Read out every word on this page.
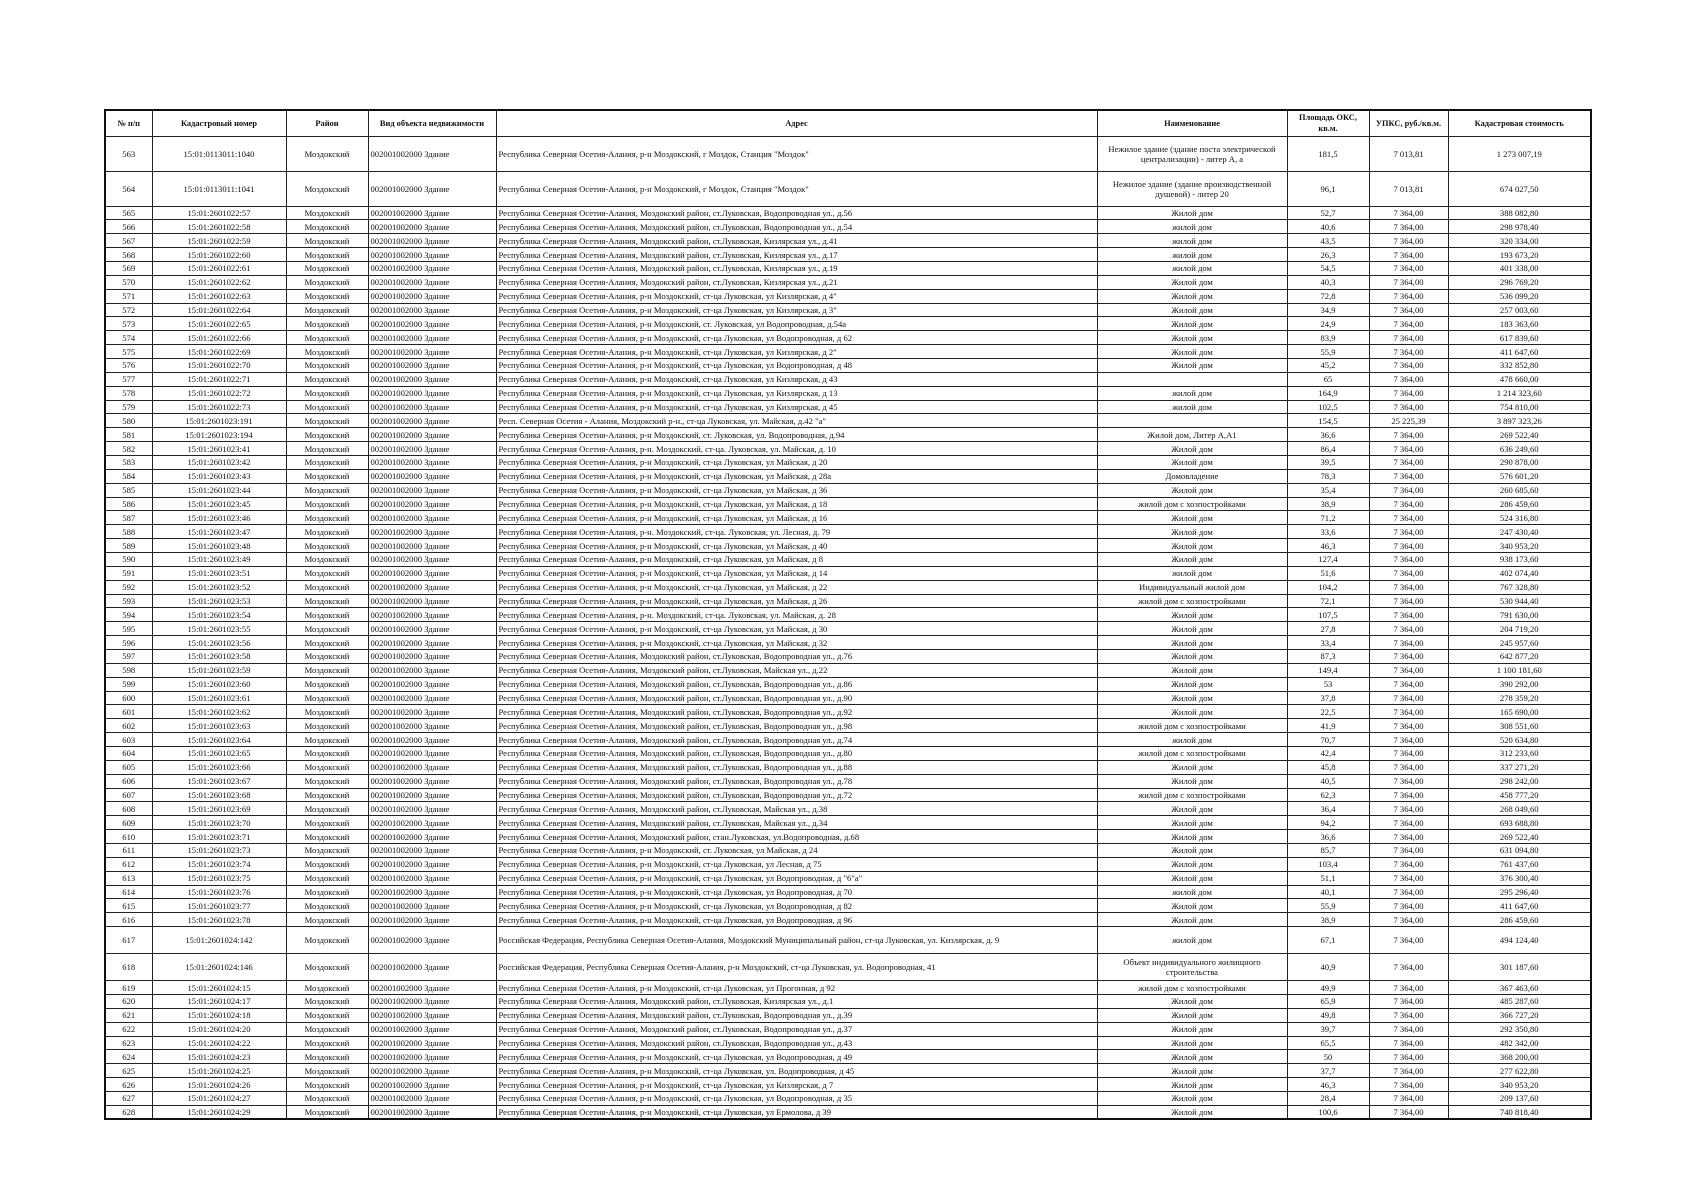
№ п/п	Кадастровый номер	Район	Вид объекта недвижимости	Адрес	Наименование	Площадь ОКС, кв.м.	УПКС, руб./кв.м.	Кадастровая стоимость
563	15:01:0113011:1040	Моздокский	002001002000 Здание	Республика Северная Осетия-Алания, р-н Моздокский, г Моздок, Станция "Моздок"	Нежилое здание (здание поста электрической централизации) - литер А, а	181,5	7 013,81	1 273 007,19
564	15:01:0113011:1041	Моздокский	002001002000 Здание	Республика Северная Осетия-Алания, р-н Моздокский, г Моздок, Станция "Моздок"	Нежилое здание (здание производственной душевой) - литер 20	96,1	7 013,81	674 027,50
565	15:01:2601022:57	Моздокский	002001002000 Здание	Республика Северная Осетия-Алания, Моздокский район, ст.Луковская, Водопроводная ул., д.56	Жилой дом	52,7	7 364,00	388 082,80
566	15:01:2601022:58	Моздокский	002001002000 Здание	Республика Северная Осетия-Алания, Моздокский район, ст.Луковская, Водопроводная ул., д.54	жилой дом	40,6	7 364,00	298 978,40
567	15:01:2601022:59	Моздокский	002001002000 Здание	Республика Северная Осетия-Алания, Моздокский район, ст.Луковская, Кизлярская ул., д.41	жилой дом	43,5	7 364,00	320 334,00
568	15:01:2601022:60	Моздокский	002001002000 Здание	Республика Северная Осетия-Алания, Моздокский район, ст.Луковская, Кизлярская ул., д.17	жилой дом	26,3	7 364,00	193 673,20
569	15:01:2601022:61	Моздокский	002001002000 Здание	Республика Северная Осетия-Алания, Моздокский район, ст.Луковская, Кизлярская ул., д.19	жилой дом	54,5	7 364,00	401 338,00
570	15:01:2601022:62	Моздокский	002001002000 Здание	Республика Северная Осетия-Алания, Моздокский район, ст.Луковская, Кизлярская ул., д.21	Жилой дом	40,3	7 364,00	296 769,20
571	15:01:2601022:63	Моздокский	002001002000 Здание	Республика Северная Осетия-Алания, р-н Моздокский, ст-ца Луковская, ул Кизлярская, д 4"	Жилой дом	72,8	7 364,00	536 099,20
572	15:01:2601022:64	Моздокский	002001002000 Здание	Республика Северная Осетия-Алания, р-н Моздокский, ст-ца Луковская, ул Кизлярская, д 3"	Жилой дом	34,9	7 364,00	257 003,60
573	15:01:2601022:65	Моздокский	002001002000 Здание	Республика Северная Осетия-Алания, р-н Моздокский, ст. Луковская, ул Водопроводная, д.54а	Жилой дом	24,9	7 364,00	183 363,60
574	15:01:2601022:66	Моздокский	002001002000 Здание	Республика Северная Осетия-Алания, р-н Моздокский, ст-ца Луковская, ул Водопроводная, д 62	Жилой дом	83,9	7 364,00	617 839,60
575	15:01:2601022:69	Моздокский	002001002000 Здание	Республика Северная Осетия-Алания, р-н Моздокский, ст-ца Луковская, ул Кизлярская, д 2"	Жилой дом	55,9	7 364,00	411 647,60
576	15:01:2601022:70	Моздокский	002001002000 Здание	Республика Северная Осетия-Алания, р-н Моздокский, ст-ца Луковская, ул Водопроводная, д 48	Жилой дом	45,2	7 364,00	332 852,80
577	15:01:2601022:71	Моздокский	002001002000 Здание	Республика Северная Осетия-Алания, р-н Моздокский, ст-ца Луковская, ул Кизлярская, д 43		65	7 364,00	478 660,00
578	15:01:2601022:72	Моздокский	002001002000 Здание	Республика Северная Осетия-Алания, р-н Моздокский, ст-ца Луковская, ул Кизлярская, д 13	жилой дом	164,9	7 364,00	1 214 323,60
579	15:01:2601022:73	Моздокский	002001002000 Здание	Республика Северная Осетия-Алания, р-н Моздокский, ст-ца Луковская, ул Кизлярская, д 45	жилой дом	102,5	7 364,00	754 810,00
580	15:01:2601023:191	Моздокский	002001002000 Здание	Респ. Северная Осетия - Алания, Моздокский р-н., ст-ца Луковская, ул. Майская, д.42 "а"		154,5	25 225,39	3 897 323,26
581	15:01:2601023:194	Моздокский	002001002000 Здание	Республика Северная Осетия-Алания, р-н Моздокский, ст. Луковская, ул. Водопроводная, д.94	Жилой дом, Литер А,А1	36,6	7 364,00	269 522,40
582	15:01:2601023:41	Моздокский	002001002000 Здание	Республика Северная Осетия-Алания, р-н. Моздокский, ст-ца. Луковская, ул. Майская, д. 10	Жилой дом	86,4	7 364,00	636 249,60
583	15:01:2601023:42	Моздокский	002001002000 Здание	Республика Северная Осетия-Алания, р-н Моздокский, ст-ца Луковская, ул Майская, д 20	Жилой дом	39,5	7 364,00	290 878,00
584	15:01:2601023:43	Моздокский	002001002000 Здание	Республика Северная Осетия-Алания, р-н Моздокский, ст-ца Луковская, ул Майская, д 28а	Домовладение	78,3	7 364,00	576 601,20
585	15:01:2601023:44	Моздокский	002001002000 Здание	Республика Северная Осетия-Алания, р-н Моздокский, ст-ца Луковская, ул Майская, д 36	Жилой дом	35,4	7 364,00	260 685,60
586	15:01:2601023:45	Моздокский	002001002000 Здание	Республика Северная Осетия-Алания, р-н Моздокский, ст-ца Луковская, ул Майская, д 18	жилой дом с хозпостройками	38,9	7 364,00	286 459,60
587	15:01:2601023:46	Моздокский	002001002000 Здание	Республика Северная Осетия-Алания, р-н Моздокский, ст-ца Луковская, ул Майская, д 16	Жилой дом	71,2	7 364,00	524 316,80
588	15:01:2601023:47	Моздокский	002001002000 Здание	Республика Северная Осетия-Алания, р-н. Моздокский, ст-ца. Луковская, ул. Лесная, д. 79	Жилой дом	33,6	7 364,00	247 430,40
589	15:01:2601023:48	Моздокский	002001002000 Здание	Республика Северная Осетия-Алания, р-н Моздокский, ст-ца Луковская, ул Майская, д 40	Жилой дом	46,3	7 364,00	340 953,20
590	15:01:2601023:49	Моздокский	002001002000 Здание	Республика Северная Осетия-Алания, р-н Моздокский, ст-ца Луковская, ул Майская, д 8	Жилой дом	127,4	7 364,00	938 173,60
591	15:01:2601023:51	Моздокский	002001002000 Здание	Республика Северная Осетия-Алания, р-н Моздокский, ст-ца Луковская, ул Майская, д 14	жилой дом	51,6	7 364,00	402 074,40
592	15:01:2601023:52	Моздокский	002001002000 Здание	Республика Северная Осетия-Алания, р-н Моздокский, ст-ца Луковская, ул Майская, д 22	Индивидуальный жилой дом	104,2	7 364,00	767 328,80
593	15:01:2601023:53	Моздокский	002001002000 Здание	Республика Северная Осетия-Алания, р-н Моздокский, ст-ца Луковская, ул Майская, д 26	жилой дом с хозпостройками	72,1	7 364,00	530 944,40
594	15:01:2601023:54	Моздокский	002001002000 Здание	Республика Северная Осетия-Алания, р-н. Моздокский, ст-ца. Луковская, ул. Майская, д. 28	Жилой дом	107,5	7 364,00	791 630,00
595	15:01:2601023:55	Моздокский	002001002000 Здание	Республика Северная Осетия-Алания, р-н Моздокский, ст-ца Луковская, ул Майская, д 30	Жилой дом	27,8	7 364,00	204 719,20
596	15:01:2601023:56	Моздокский	002001002000 Здание	Республика Северная Осетия-Алания, р-н Моздокский, ст-ца Луковская, ул Майская, д 32	Жилой дом	33,4	7 364,00	245 957,60
597	15:01:2601023:58	Моздокский	002001002000 Здание	Республика Северная Осетия-Алания, Моздокский район, ст.Луковская, Водопроводная ул., д.76	Жилой дом	87,3	7 364,00	642 877,20
598	15:01:2601023:59	Моздокский	002001002000 Здание	Республика Северная Осетия-Алания, Моздокский район, ст.Луковская, Майская ул., д.22	Жилой дом	149,4	7 364,00	1 100 181,60
599	15:01:2601023:60	Моздокский	002001002000 Здание	Республика Северная Осетия-Алания, Моздокский район, ст.Луковская, Водопроводная ул., д.86	Жилой дом	53	7 364,00	390 292,00
600	15:01:2601023:61	Моздокский	002001002000 Здание	Республика Северная Осетия-Алания, Моздокский район, ст.Луковская, Водопроводная ул., д.90	Жилой дом	37,8	7 364,00	278 359,20
601	15:01:2601023:62	Моздокский	002001002000 Здание	Республика Северная Осетия-Алания, Моздокский район, ст.Луковская, Водопроводная ул., д.92	Жилой дом	22,5	7 364,00	165 690,00
602	15:01:2601023:63	Моздокский	002001002000 Здание	Республика Северная Осетия-Алания, Моздокский район, ст.Луковская, Водопроводная ул., д.98	жилой дом с хозпостройками	41,9	7 364,00	308 551,60
603	15:01:2601023:64	Моздокский	002001002000 Здание	Республика Северная Осетия-Алания, Моздокский район, ст.Луковская, Водопроводная ул., д.74	жилой дом	70,7	7 364,00	520 634,80
604	15:01:2601023:65	Моздокский	002001002000 Здание	Республика Северная Осетия-Алания, Моздокский район, ст.Луковская, Водопроводная ул., д.80	жилой дом с хозпостройками	42,4	7 364,00	312 233,60
605	15:01:2601023:66	Моздокский	002001002000 Здание	Республика Северная Осетия-Алания, Моздокский район, ст.Луковская, Водопроводная ул., д.88	Жилой дом	45,8	7 364,00	337 271,20
606	15:01:2601023:67	Моздокский	002001002000 Здание	Республика Северная Осетия-Алания, Моздокский район, ст.Луковская, Водопроводная ул., д.78	Жилой дом	40,5	7 364,00	298 242,00
607	15:01:2601023:68	Моздокский	002001002000 Здание	Республика Северная Осетия-Алания, Моздокский район, ст.Луковская, Водопроводная ул., д.72	жилой дом с хозпостройками	62,3	7 364,00	458 777,20
608	15:01:2601023:69	Моздокский	002001002000 Здание	Республика Северная Осетия-Алания, Моздокский район, ст.Луковская, Майская ул., д.38	Жилой дом	36,4	7 364,00	268 049,60
609	15:01:2601023:70	Моздокский	002001002000 Здание	Республика Северная Осетия-Алания, Моздокский район, ст.Луковская, Майская ул., д.34	Жилой дом	94,2	7 364,00	693 688,80
610	15:01:2601023:71	Моздокский	002001002000 Здание	Республика Северная Осетия-Алания, Моздокский район, стан.Луковская, ул.Водопроводная, д.68	Жилой дом	36,6	7 364,00	269 522,40
611	15:01:2601023:73	Моздокский	002001002000 Здание	Республика Северная Осетия-Алания, р-н Моздокский, ст. Луковская, ул Майская, д 24	Жилой дом	85,7	7 364,00	631 094,80
612	15:01:2601023:74	Моздокский	002001002000 Здание	Республика Северная Осетия-Алания, р-н Моздокский, ст-ца Луковская, ул Лесная, д 75	Жилой дом	103,4	7 364,00	761 437,60
613	15:01:2601023:75	Моздокский	002001002000 Здание	Республика Северная Осетия-Алания, р-н Моздокский, ст-ца Луковская, ул Водопроводная, д "6"а"	Жилой дом	51,1	7 364,00	376 300,40
614	15:01:2601023:76	Моздокский	002001002000 Здание	Республика Северная Осетия-Алания, р-н Моздокский, ст-ца Луковская, ул Водопроводная, д 70	жилой дом	40,1	7 364,00	295 296,40
615	15:01:2601023:77	Моздокский	002001002000 Здание	Республика Северная Осетия-Алания, р-н Моздокский, ст-ца Луковская, ул Водопроводная, д 82	Жилой дом	55,9	7 364,00	411 647,60
616	15:01:2601023:78	Моздокский	002001002000 Здание	Республика Северная Осетия-Алания, р-н Моздокский, ст-ца Луковская, ул Водопроводная, д 96	Жилой дом	38,9	7 364,00	286 459,60
617	15:01:2601024:142	Моздокский	002001002000 Здание	Российская Федерация, Республика Северная Осетия-Алания, Моздокский Муниципальный район, ст-ца Луковская, ул. Кизлярская, д. 9	жилой дом	67,1	7 364,00	494 124,40
618	15:01:2601024:146	Моздокский	002001002000 Здание	Российская Федерация, Республика Северная Осетия-Алания, р-н Моздокский, ст-ца Луковская, ул. Водопроводная, 41	Объект индивидуального жилищного строительства	40,9	7 364,00	301 187,60
619	15:01:2601024:15	Моздокский	002001002000 Здание	Республика Северная Осетия-Алания, р-н Моздокский, ст-ца Луковская, ул Прогонная, д 92	жилой дом с хозпостройками	49,9	7 364,00	367 463,60
620	15:01:2601024:17	Моздокский	002001002000 Здание	Республика Северная Осетия-Алания, Моздокский район, ст.Луковская, Кизлярская ул., д.1	Жилой дом	65,9	7 364,00	485 287,60
621	15:01:2601024:18	Моздокский	002001002000 Здание	Республика Северная Осетия-Алания, Моздокский район, ст.Луковская, Водопроводная ул., д.39	Жилой дом	49,8	7 364,00	366 727,20
622	15:01:2601024:20	Моздокский	002001002000 Здание	Республика Северная Осетия-Алания, Моздокский район, ст.Луковская, Водопроводная ул., д.37	Жилой дом	39,7	7 364,00	292 350,80
623	15:01:2601024:22	Моздокский	002001002000 Здание	Республика Северная Осетия-Алания, Моздокский район, ст.Луковская, Водопроводная ул., д.43	Жилой дом	65,5	7 364,00	482 342,00
624	15:01:2601024:23	Моздокский	002001002000 Здание	Республика Северная Осетия-Алания, р-н Моздокский, ст-ца Луковская, ул Водопроводная, д 49	Жилой дом	50	7 364,00	368 200,00
625	15:01:2601024:25	Моздокский	002001002000 Здание	Республика Северная Осетия-Алания, р-н Моздокский, ст-ца Луковская, ул. Водопроводная, д 45	Жилой дом	37,7	7 364,00	277 622,80
626	15:01:2601024:26	Моздокский	002001002000 Здание	Республика Северная Осетия-Алания, р-н Моздокский, ст-ца Луковская, ул Кизлярская, д 7	Жилой дом	46,3	7 364,00	340 953,20
627	15:01:2601024:27	Моздокский	002001002000 Здание	Республика Северная Осетия-Алания, р-н Моздокский, ст-ца Луковская, ул Водопроводная, д 35	Жилой дом	28,4	7 364,00	209 137,60
628	15:01:2601024:29	Моздокский	002001002000 Здание	Республика Северная Осетия-Алания, р-н Моздокский, ст-ца Луковская, ул Ермолова, д 39	Жилой дом	100,6	7 364,00	740 818,40
